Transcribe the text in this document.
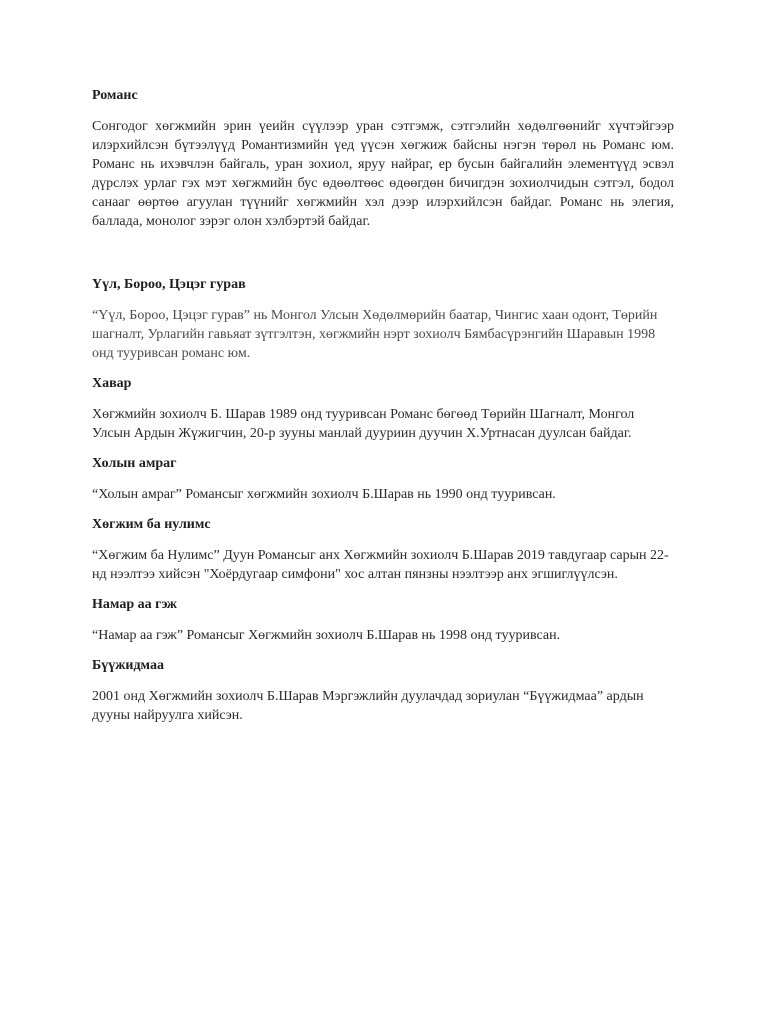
Романс

Сонгодог хөгжмийн эрин үеийн сүүлээр уран сэтгэмж, сэтгэлийн хөдөлгөөнийг хүчтэйгээр илэрхийлсэн бүтээлүүд Романтизмийн үед үүсэн хөгжиж байсны нэгэн төрөл нь Романс юм. Романс нь ихэвчлэн байгаль, уран зохиол, яруу найраг, ер бусын байгалийн элементүүд эсвэл дүрслэх урлаг гэх мэт хөгжмийн бус өдөөлтөөс өдөөгдөн бичигдэн зохиолчидын сэтгэл, бодол санааг өөртөө агуулан түүнийг хөгжмийн хэл дээр илэрхийлсэн байдаг. Романс нь элегия, баллада, монолог зэрэг олон хэлбэртэй байдаг.

Үүл, Бороо, Цэцэг гурав

“Үүл, Бороо, Цэцэг гурав” нь Монгол Улсын Хөдөлмөрийн баатар, Чингис хаан одонт, Төрийн шагналт, Урлагийн гавьяат зүтгэлтэн, хөгжмийн нэрт зохиолч Бямбасүрэнгийн Шаравын 1998 онд тууривсан романс юм.

Хавар

Хөгжмийн зохиолч Б. Шарав 1989 онд тууривсан Романс бөгөөд Төрийн Шагналт, Монгол Улсын Ардын Жүжигчин, 20-р зууны манлай дууриин дуучин Х.Уртнасан дуулсан байдаг.

Холын амраг

“Холын амраг” Романсыг хөгжмийн зохиолч Б.Шарав нь 1990 онд тууривсан.

Хөгжим ба нулимс

“Хөгжим ба Нулимс” Дуун Романсыг анх Хөгжмийн зохиолч Б.Шарав 2019 тавдугаар сарын 22-нд нээлтээ хийсэн "Хоёрдугаар симфони" хос алтан пянзны нээлтээр анх эгшиглүүлсэн.

Намар аа гэж

“Намар аа гэж” Романсыг Хөгжмийн зохиолч Б.Шарав нь 1998 онд тууривсан.

Бүүжидмаа

2001 онд Хөгжмийн зохиолч Б.Шарав Мэргэжлийн дуулачдад зориулан “Бүүжидмаа” ардын дууны найруулга хийсэн.
